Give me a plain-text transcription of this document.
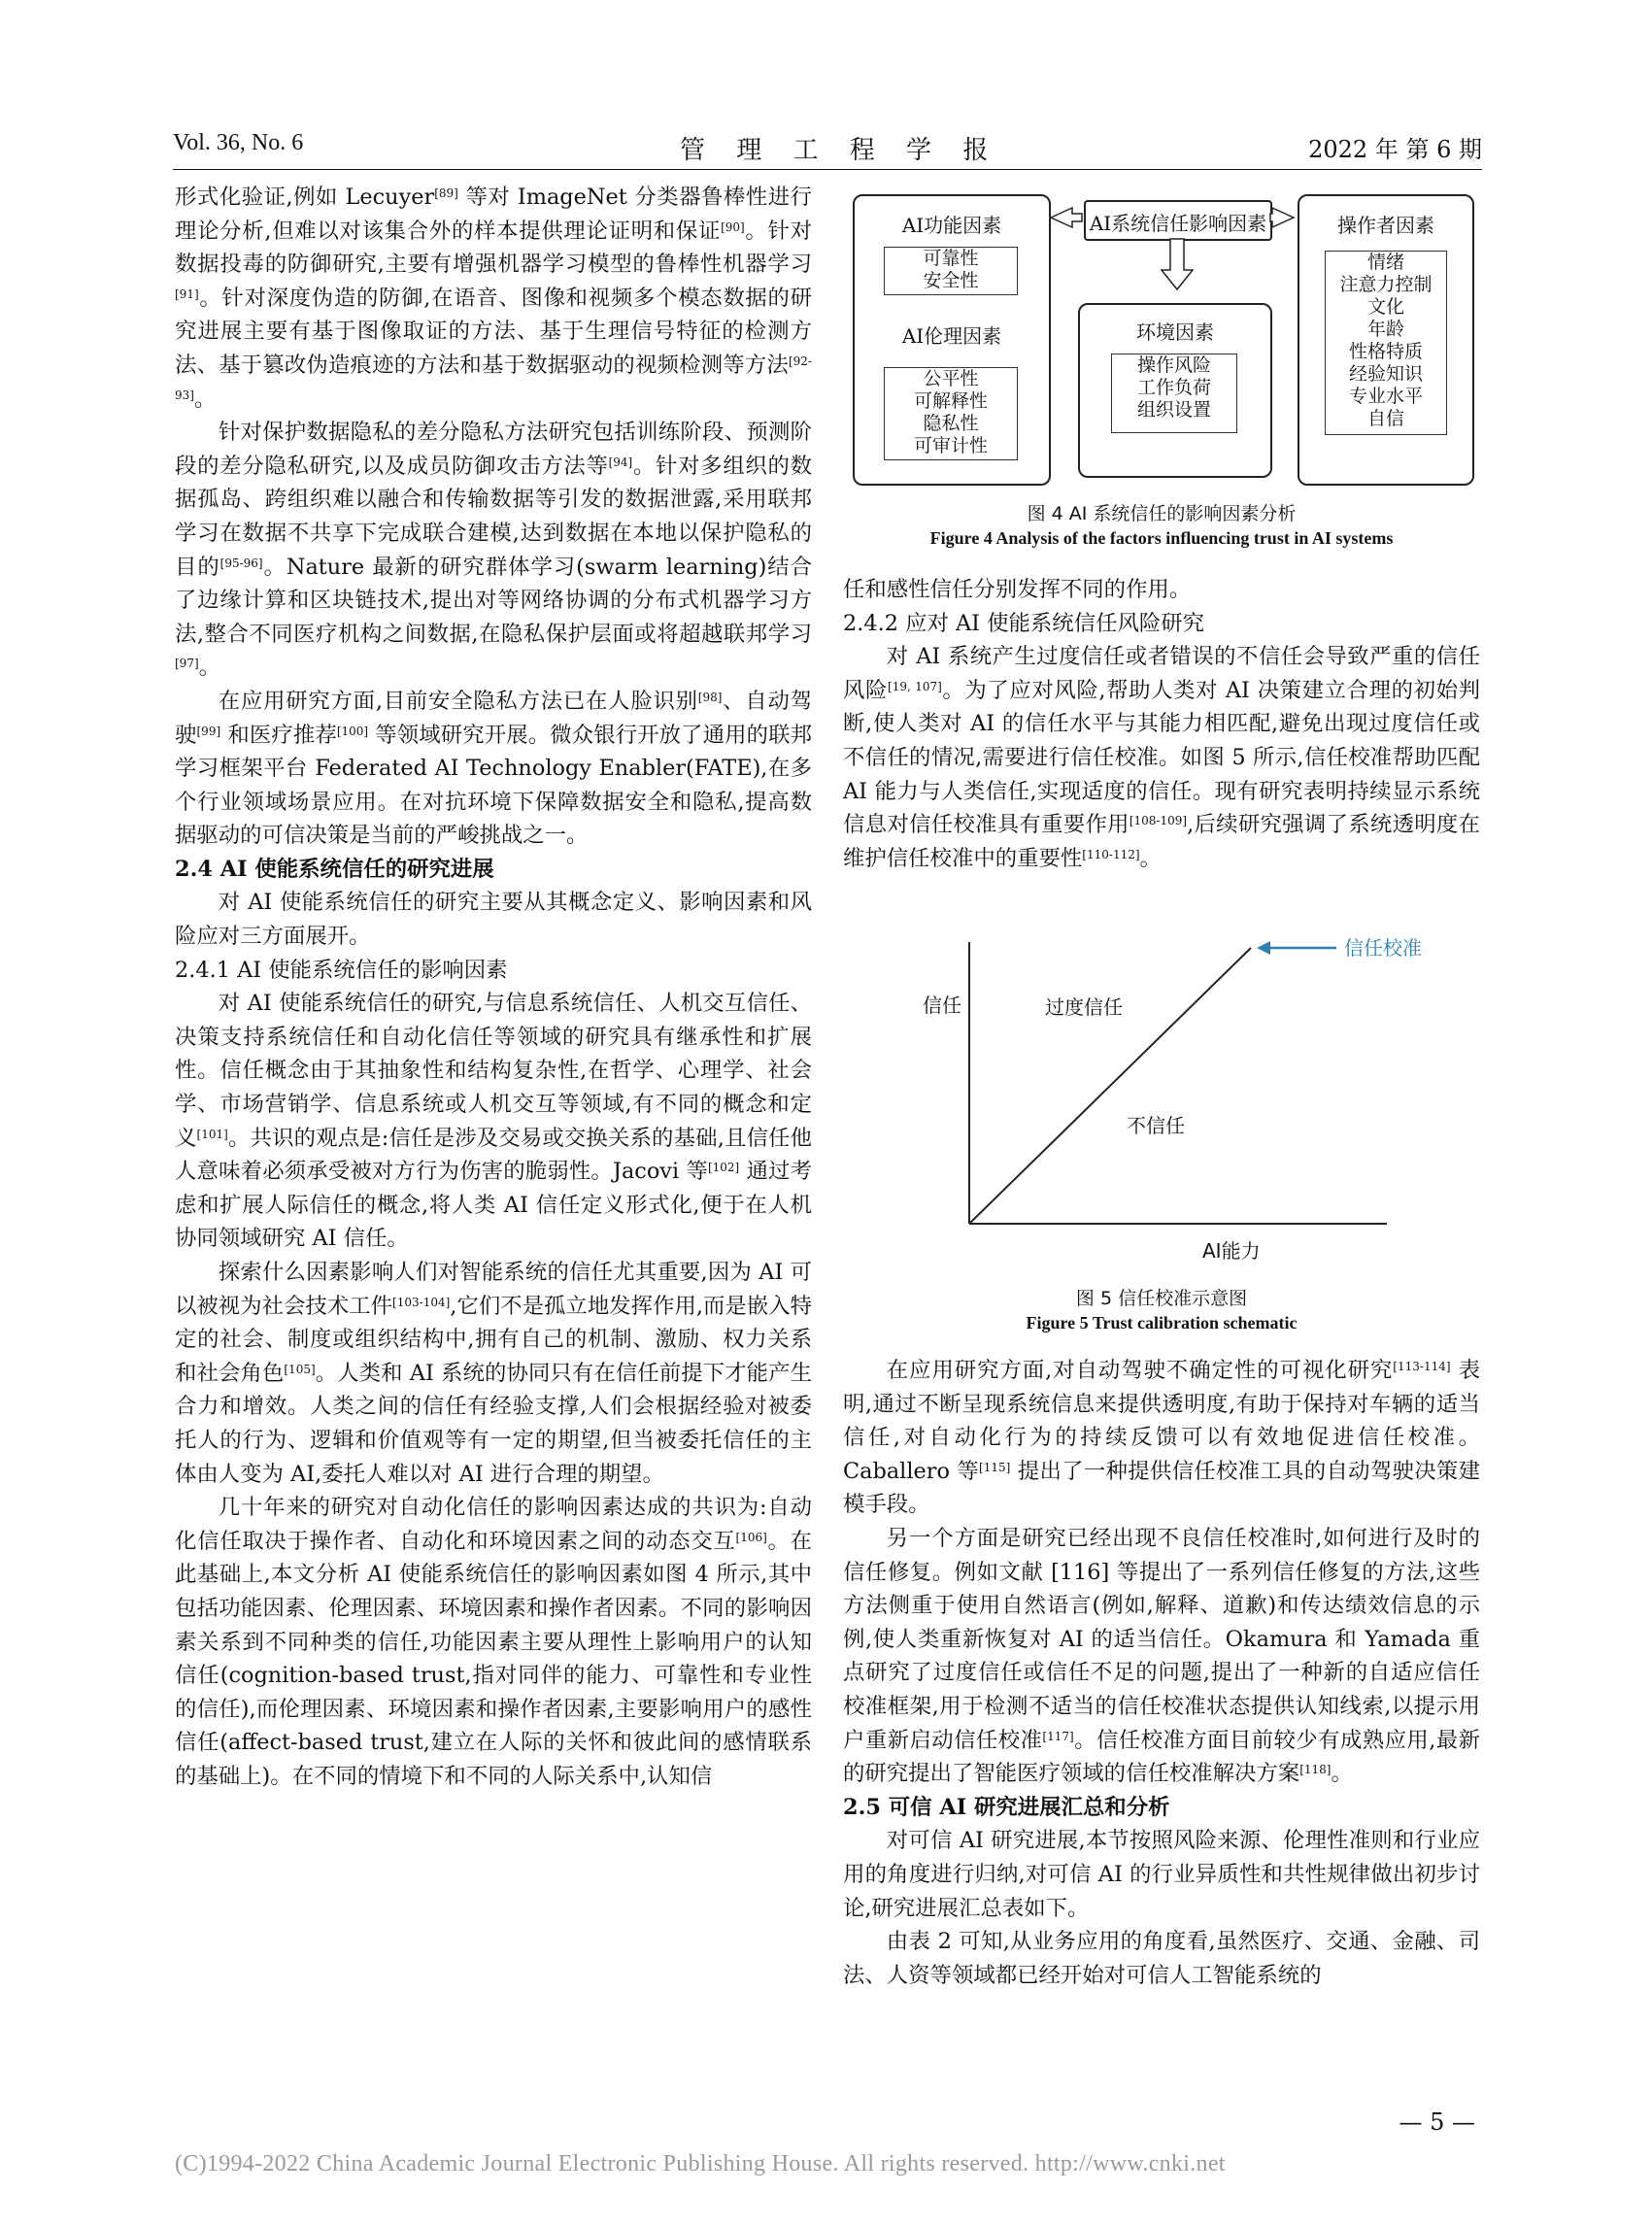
Vol. 36, No. 6	管 理 工 程 学 报	2022 年 第 6 期

形式化验证,例如 Lecuyer[89] 等对 ImageNet 分类器鲁棒性进行理论分析,但难以对该集合外的样本提供理论证明和保证[90]。针对数据投毒的防御研究,主要有增强机器学习模型的鲁棒性机器学习[91]。针对深度伪造的防御,在语音、图像和视频多个模态数据的研究进展主要有基于图像取证的方法、基于生理信号特征的检测方法、基于篡改伪造痕迹的方法和基于数据驱动的视频检测等方法[92-93]。

针对保护数据隐私的差分隐私方法研究包括训练阶段、预测阶段的差分隐私研究,以及成员防御攻击方法等[94]。针对多组织的数据孤岛、跨组织难以融合和传输数据等引发的数据泄露,采用联邦学习在数据不共享下完成联合建模,达到数据在本地以保护隐私的目的[95-96]。Nature 最新的研究群体学习(swarm learning)结合了边缘计算和区块链技术,提出对等网络协调的分布式机器学习方法,整合不同医疗机构之间数据,在隐私保护层面或将超越联邦学习[97]。

在应用研究方面,目前安全隐私方法已在人脸识别[98]、自动驾驶[99] 和医疗推荐[100] 等领域研究开展。微众银行开放了通用的联邦学习框架平台 Federated AI Technology Enabler(FATE),在多个行业领域场景应用。在对抗环境下保障数据安全和隐私,提高数据驱动的可信决策是当前的严峻挑战之一。

2.4 AI 使能系统信任的研究进展

对 AI 使能系统信任的研究主要从其概念定义、影响因素和风险应对三方面展开。

2.4.1 AI 使能系统信任的影响因素

对 AI 使能系统信任的研究,与信息系统信任、人机交互信任、决策支持系统信任和自动化信任等领域的研究具有继承性和扩展性。信任概念由于其抽象性和结构复杂性,在哲学、心理学、社会学、市场营销学、信息系统或人机交互等领域,有不同的概念和定义[101]。共识的观点是:信任是涉及交易或交换关系的基础,且信任他人意味着必须承受被对方行为伤害的脆弱性。Jacovi 等[102] 通过考虑和扩展人际信任的概念,将人类 AI 信任定义形式化,便于在人机协同领域研究 AI 信任。

探索什么因素影响人们对智能系统的信任尤其重要,因为 AI 可以被视为社会技术工件[103-104],它们不是孤立地发挥作用,而是嵌入特定的社会、制度或组织结构中,拥有自己的机制、激励、权力关系和社会角色[105]。人类和 AI 系统的协同只有在信任前提下才能产生合力和增效。人类之间的信任有经验支撑,人们会根据经验对被委托人的行为、逻辑和价值观等有一定的期望,但当被委托信任的主体由人变为 AI,委托人难以对 AI 进行合理的期望。

几十年来的研究对自动化信任的影响因素达成的共识为:自动化信任取决于操作者、自动化和环境因素之间的动态交互[106]。在此基础上,本文分析 AI 使能系统信任的影响因素如图 4 所示,其中包括功能因素、伦理因素、环境因素和操作者因素。不同的影响因素关系到不同种类的信任,功能因素主要从理性上影响用户的认知信任(cognition-based trust,指对同伴的能力、可靠性和专业性的信任),而伦理因素、环境因素和操作者因素,主要影响用户的感性信任(affect-based trust,建立在人际的关怀和彼此间的感情联系的基础上)。在不同的情境下和不同的人际关系中,认知信

AI功能因素
可靠性
安全性
AI伦理因素
公平性
可解释性
隐私性
可审计性
AI系统信任影响因素
环境因素
操作风险
工作负荷
组织设置
操作者因素
情绪
注意力控制
文化
年龄
性格特质
经验知识
专业水平
自信
图 4 AI 系统信任的影响因素分析
Figure 4 Analysis of the factors influencing trust in AI systems

任和感性信任分别发挥不同的作用。

2.4.2 应对 AI 使能系统信任风险研究

对 AI 系统产生过度信任或者错误的不信任会导致严重的信任风险[19, 107]。为了应对风险,帮助人类对 AI 决策建立合理的初始判断,使人类对 AI 的信任水平与其能力相匹配,避免出现过度信任或不信任的情况,需要进行信任校准。如图 5 所示,信任校准帮助匹配 AI 能力与人类信任,实现适度的信任。现有研究表明持续显示系统信息对信任校准具有重要作用[108-109],后续研究强调了系统透明度在维护信任校准中的重要性[110-112]。

信任校准
信任	过度信任
不信任
AI能力
图 5 信任校准示意图
Figure 5 Trust calibration schematic

在应用研究方面,对自动驾驶不确定性的可视化研究[113-114] 表明,通过不断呈现系统信息来提供透明度,有助于保持对车辆的适当信任,对自动化行为的持续反馈可以有效地促进信任校准。Caballero 等[115] 提出了一种提供信任校准工具的自动驾驶决策建模手段。

另一个方面是研究已经出现不良信任校准时,如何进行及时的信任修复。例如文献 [116] 等提出了一系列信任修复的方法,这些方法侧重于使用自然语言(例如,解释、道歉)和传达绩效信息的示例,使人类重新恢复对 AI 的适当信任。Okamura 和 Yamada 重点研究了过度信任或信任不足的问题,提出了一种新的自适应信任校准框架,用于检测不适当的信任校准状态提供认知线索,以提示用户重新启动信任校准[117]。信任校准方面目前较少有成熟应用,最新的研究提出了智能医疗领域的信任校准解决方案[118]。

2.5 可信 AI 研究进展汇总和分析

对可信 AI 研究进展,本节按照风险来源、伦理性准则和行业应用的角度进行归纳,对可信 AI 的行业异质性和共性规律做出初步讨论,研究进展汇总表如下。

由表 2 可知,从业务应用的角度看,虽然医疗、交通、金融、司法、人资等领域都已经开始对可信人工智能系统的

— 5 —
(C)1994-2022 China Academic Journal Electronic Publishing House. All rights reserved. http://www.cnki.net
